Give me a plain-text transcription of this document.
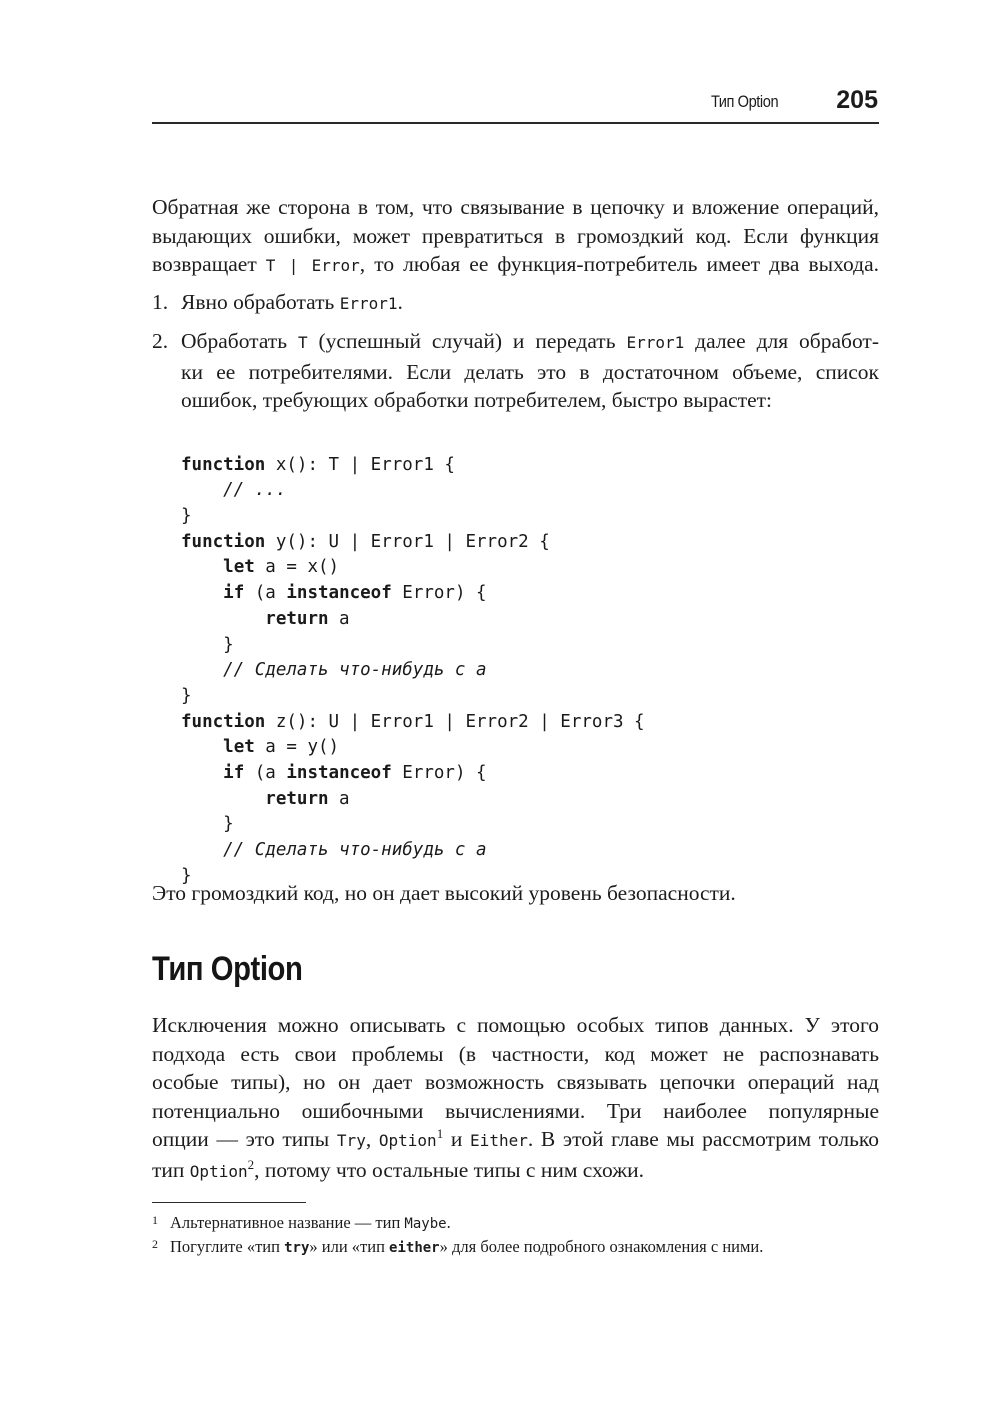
Тип Option 205
Обратная же сторона в том, что связывание в цепочку и вложение операций,
выдающих ошибки, может превратиться в громоздкий код. Если функция
возвращает T | Error, то любая ее функция-потребитель имеет два выхода.
1. Явно обработать Error1.
2. Обработать T (успешный случай) и передать Error1 далее для обработ-
ки ее потребителями. Если делать это в достаточном объеме, список
ошибок, требующих обработки потребителем, быстро вырастет:

function x(): T | Error1 {
// ...
}
function y(): U | Error1 | Error2 {
let a = x()
if (a instanceof Error) {
return a
}
// Сделать что-нибудь с a
}
function z(): U | Error1 | Error2 | Error3 {
let a = y()
if (a instanceof Error) {
return a
}
// Сделать что-нибудь с a
}
Это громоздкий код, но он дает высокий уровень безопасности.
Тип Option
Исключения можно описывать с помощью особых типов данных. У этого
подхода есть свои проблемы (в частности, код может не распознавать
особые типы), но он дает возможность связывать цепочки операций над
потенциально ошибочными вычислениями. Три наиболее популярные
опции — это типы Try, Option$^1$ и Either. В этой главе мы рассмотрим только
тип Option$^2$, потому что остальные типы с ним схожи.
1 Альтернативное название — тип Maybe.
2 Погуглите «тип try» или «тип either» для более подробного ознакомления с ними.
